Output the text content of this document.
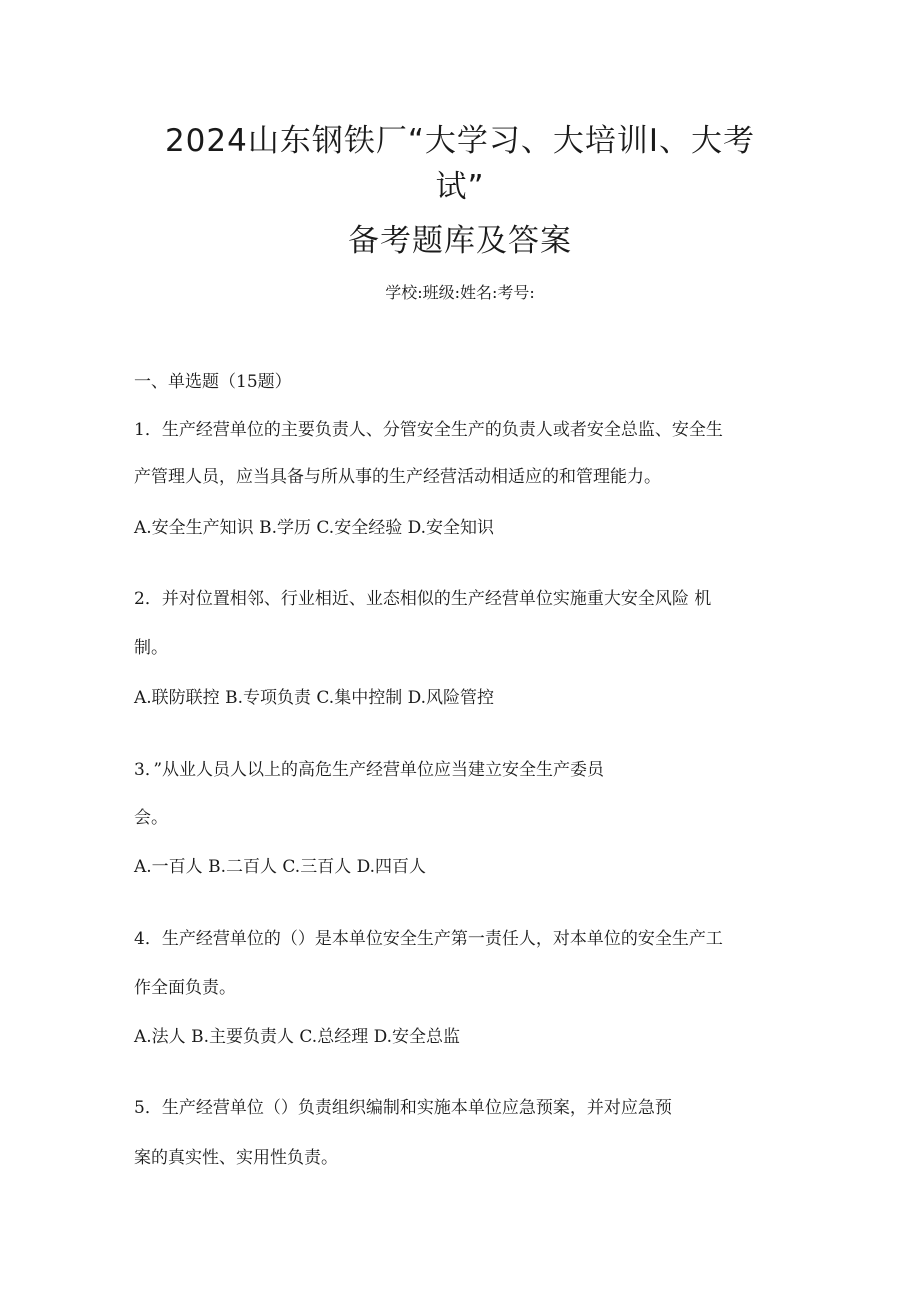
2024山东钢铁厂“大学习、大培训I、大考
试”
备考题库及答案
学校:班级:姓名:考号:
一、单选题（15题）
1．生产经营单位的主要负责人、分管安全生产的负责人或者安全总监、安全生
产管理人员，应当具备与所从事的生产经营活动相适应的和管理能力。
A.安全生产知识 B.学历 C.安全经验 D.安全知识
2．并对位置相邻、行业相近、业态相似的生产经营单位实施重大安全风险 机
制。
A.联防联控 B.专项负责 C.集中控制 D.风险管控
3．”从业人员人以上的高危生产经营单位应当建立安全生产委员
会。
A.一百人 B.二百人 C.三百人 D.四百人
4．生产经营单位的（）是本单位安全生产第一责任人，对本单位的安全生产工
作全面负责。
A.法人 B.主要负责人 C.总经理 D.安全总监
5．生产经营单位（）负责组织编制和实施本单位应急预案，并对应急预
案的真实性、实用性负责。
